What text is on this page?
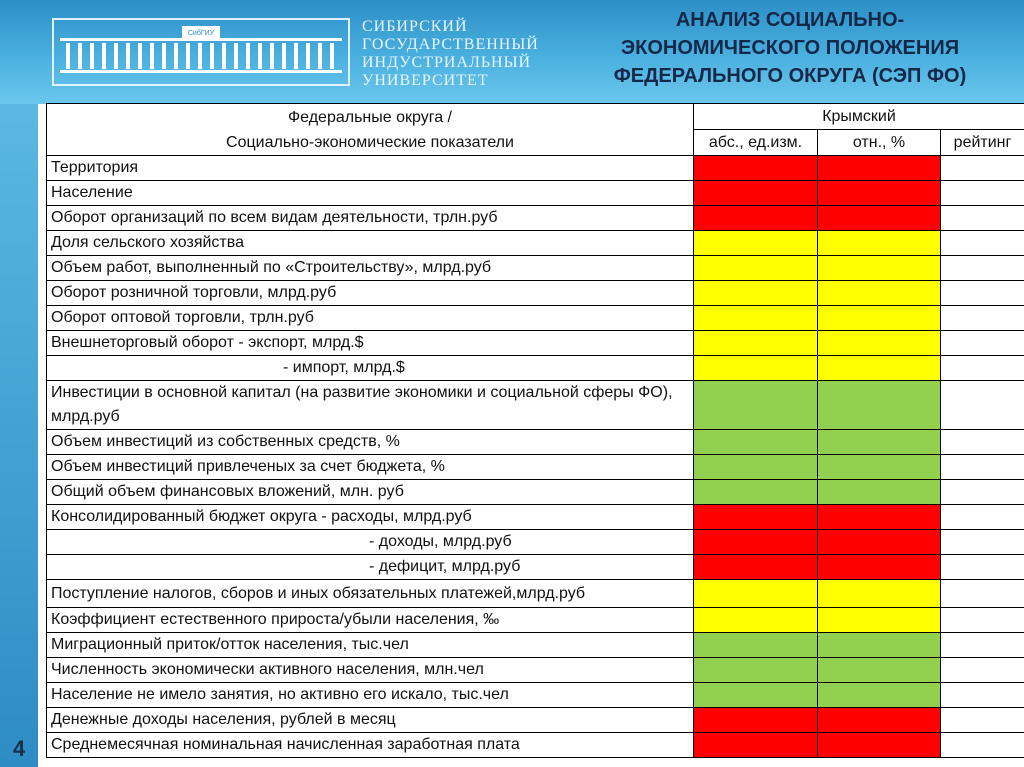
СибГИУ	СИБИРСКИЙ
ГОСУДАРСТВЕННЫЙ
ИНДУСТРИАЛЬНЫЙ
УНИВЕРСИТЕТ
АНАЛИЗ СОЦИАЛЬНО-
ЭКОНОМИЧЕСКОГО ПОЛОЖЕНИЯ
ФЕДЕРАЛЬНОГО ОКРУГА (СЭП ФО)
4
Федеральные округа /
Социально-экономические показатели	Крымский		
	абс., ед.изм.	отн., %	рейтинг
Территория			
Население			
Оборот организаций по всем видам деятельности, трлн.руб			
Доля сельского хозяйства			
Объем работ, выполненный по «Строительству», млрд.руб			
Оборот розничной торговли, млрд.руб			
Оборот оптовой торговли, трлн.руб			
Внешнеторговый оборот - экспорт, млрд.$			
- импорт, млрд.$			
Инвестиции в основной капитал (на развитие экономики и социальной сферы ФО), млрд.руб			
Объем инвестиций из собственных средств, %			
Объем инвестиций привлеченых за счет бюджета, %			
Общий объем финансовых вложений, млн. руб			
Консолидированный бюджет округа - расходы, млрд.руб			
- доходы, млрд.руб			
- дефицит, млрд.руб			
Поступление налогов, сборов и иных обязательных платежей,млрд.руб			
Коэффициент естественного прироста/убыли населения, ‰			
Миграционный приток/отток населения, тыс.чел			
Численность экономически активного населения, млн.чел			
Население не имело занятия, но активно его искало, тыс.чел			
Денежные доходы населения, рублей в месяц			
Среднемесячная номинальная начисленная заработная плата			
